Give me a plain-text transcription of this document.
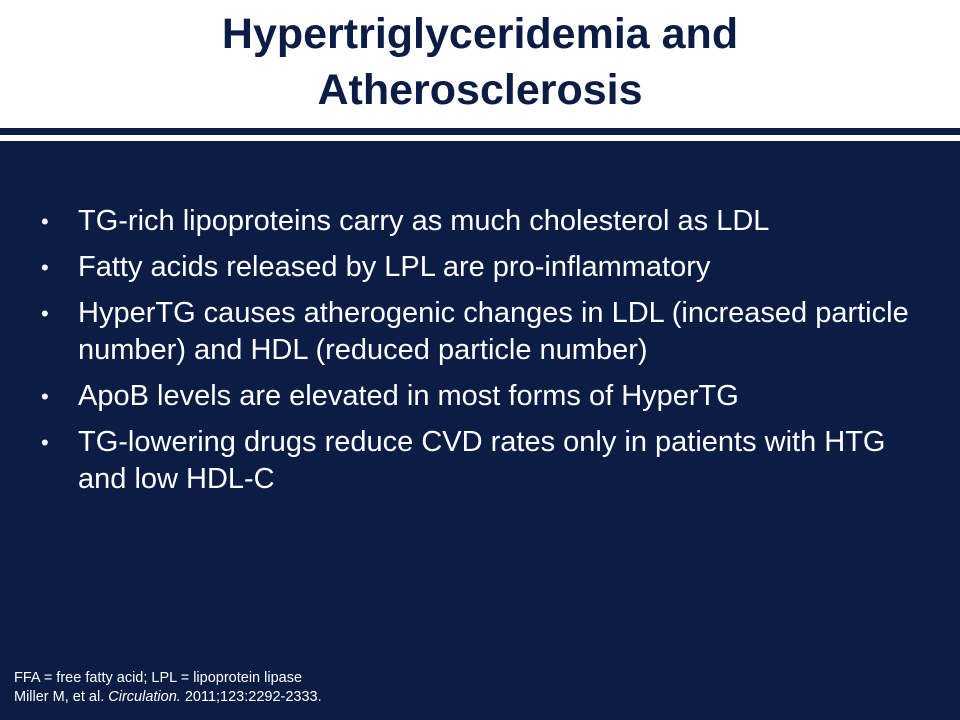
Hypertriglyceridemia and
Atherosclerosis
• TG-rich lipoproteins carry as much cholesterol as LDL
• Fatty acids released by LPL are pro-inflammatory
• HyperTG causes atherogenic changes in LDL (increased particle number) and HDL (reduced particle number)
• ApoB levels are elevated in most forms of HyperTG
• TG-lowering drugs reduce CVD rates only in patients with HTG and low HDL-C
FFA = free fatty acid; LPL = lipoprotein lipase
Miller M, et al. Circulation. 2011;123:2292-2333.
